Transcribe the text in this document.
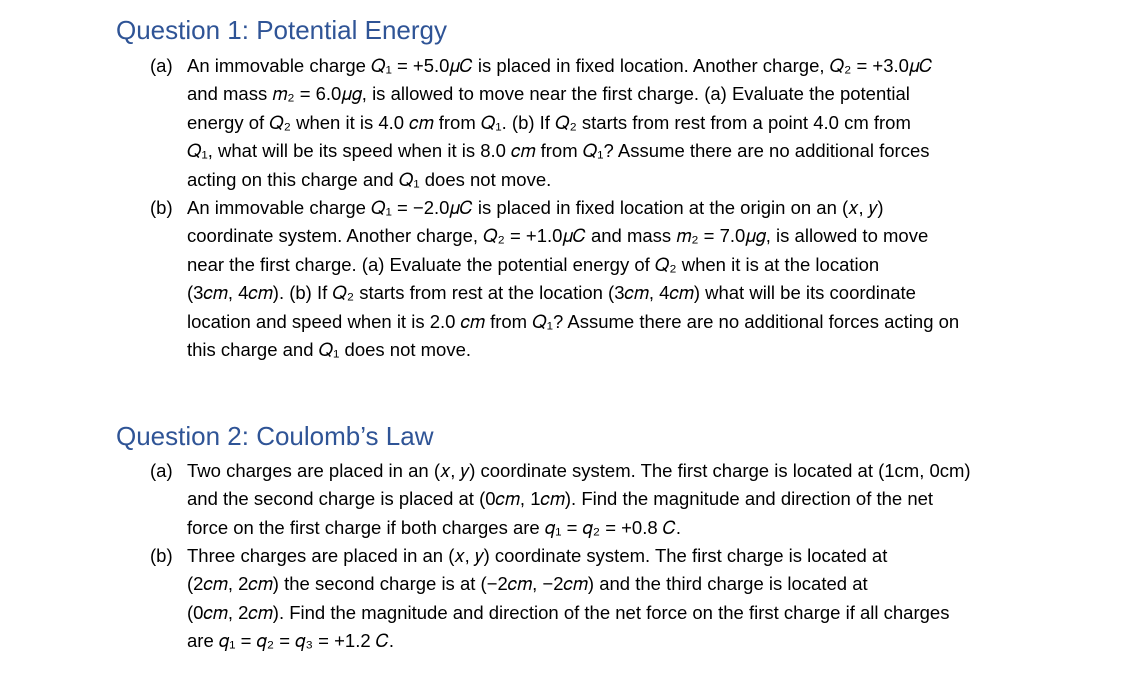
Question 1: Potential Energy
(a) An immovable charge 𝑄₁ = +5.0𝜇𝐶 is placed in fixed location. Another charge, 𝑄₂ = +3.0𝜇𝐶
and mass 𝑚₂ = 6.0𝜇𝑔, is allowed to move near the first charge. (a) Evaluate the potential
energy of 𝑄₂ when it is 4.0 𝑐𝑚 from 𝑄₁. (b) If 𝑄₂ starts from rest from a point 4.0 cm from
𝑄₁, what will be its speed when it is 8.0 𝑐𝑚 from 𝑄₁? Assume there are no additional forces
acting on this charge and 𝑄₁ does not move.
(b) An immovable charge 𝑄₁ = −2.0𝜇𝐶 is placed in fixed location at the origin on an (𝑥, 𝑦)
coordinate system. Another charge, 𝑄₂ = +1.0𝜇𝐶 and mass 𝑚₂ = 7.0𝜇𝑔, is allowed to move
near the first charge. (a) Evaluate the potential energy of 𝑄₂ when it is at the location
(3𝑐𝑚, 4𝑐𝑚). (b) If 𝑄₂ starts from rest at the location (3𝑐𝑚, 4𝑐𝑚) what will be its coordinate
location and speed when it is 2.0 𝑐𝑚 from 𝑄₁? Assume there are no additional forces acting on
this charge and 𝑄₁ does not move.
Question 2: Coulomb’s Law
(a) Two charges are placed in an (𝑥, 𝑦) coordinate system. The first charge is located at (1cm, 0cm)
and the second charge is placed at (0𝑐𝑚, 1𝑐𝑚). Find the magnitude and direction of the net
force on the first charge if both charges are 𝑞₁ = 𝑞₂ = +0.8 𝐶.
(b) Three charges are placed in an (𝑥, 𝑦) coordinate system. The first charge is located at
(2𝑐𝑚, 2𝑐𝑚) the second charge is at (−2𝑐𝑚, −2𝑐𝑚) and the third charge is located at
(0𝑐𝑚, 2𝑐𝑚). Find the magnitude and direction of the net force on the first charge if all charges
are 𝑞₁ = 𝑞₂ = 𝑞₃ = +1.2 𝐶.
